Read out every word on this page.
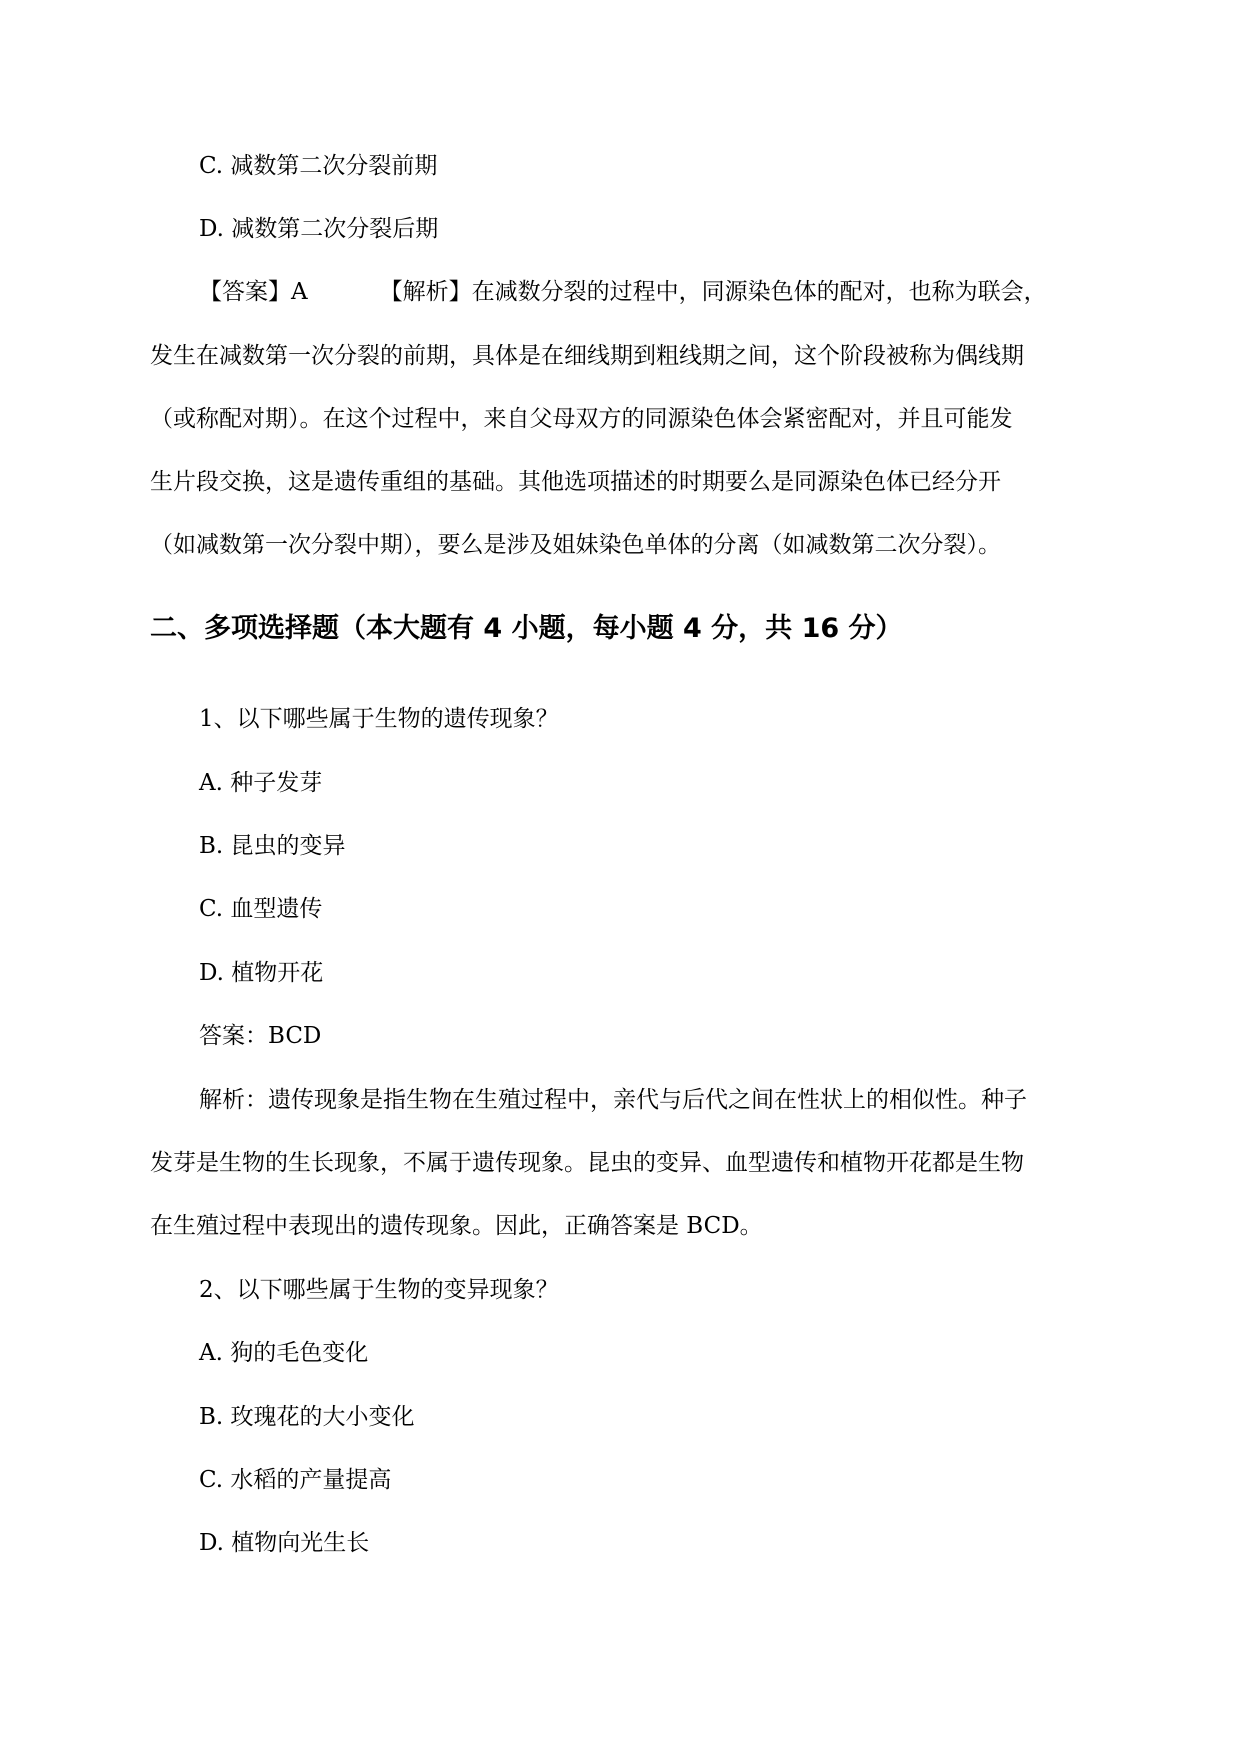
C. 减数第二次分裂前期
D. 减数第二次分裂后期
【答案】A	【解析】在减数分裂的过程中，同源染色体的配对，也称为联会，
发生在减数第一次分裂的前期，具体是在细线期到粗线期之间，这个阶段被称为偶线期
（或称配对期）。在这个过程中，来自父母双方的同源染色体会紧密配对，并且可能发
生片段交换，这是遗传重组的基础。其他选项描述的时期要么是同源染色体已经分开
（如减数第一次分裂中期），要么是涉及姐妹染色单体的分离（如减数第二次分裂）。
二、多项选择题（本大题有 4 小题，每小题 4 分，共 16 分）
1、以下哪些属于生物的遗传现象？
A. 种子发芽
B. 昆虫的变异
C. 血型遗传
D. 植物开花
答案：BCD
解析：遗传现象是指生物在生殖过程中，亲代与后代之间在性状上的相似性。种子
发芽是生物的生长现象，不属于遗传现象。昆虫的变异、血型遗传和植物开花都是生物
在生殖过程中表现出的遗传现象。因此，正确答案是 BCD。
2、以下哪些属于生物的变异现象？
A. 狗的毛色变化
B. 玫瑰花的大小变化
C. 水稻的产量提高
D. 植物向光生长
